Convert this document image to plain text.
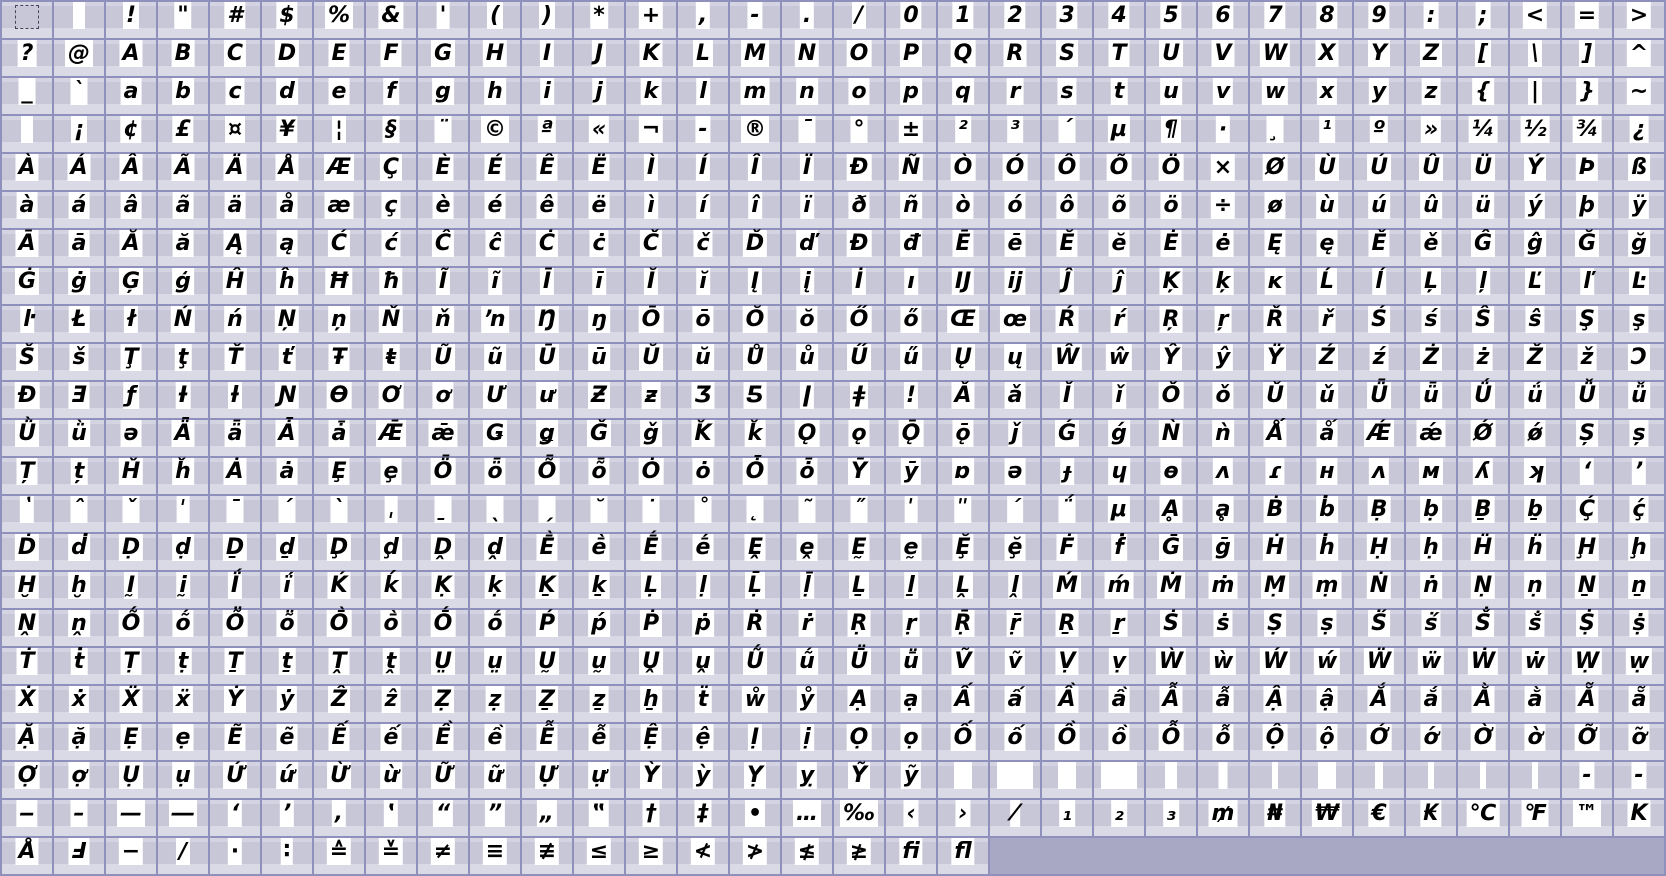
! " # $ % & ' ( ) * + , - . / 0 1 2 3 4 5 6 7 8 9 : ; < = >
? @ A B C D E F G H I J K L M N O P Q R S T U V W X Y Z [ \ ] ^
_ ` a b c d e f g h i j k l m n o p q r s t u v w x y z { | } ~
¡ ¢ £ ¤ ¥ ¦ § ¨ © ª « ¬ - ® ¯ ° ± ² ³ ´ µ ¶ · ¸ ¹ º » ¼ ½ ¾ ¿
À Á Â Ã Ä Å Æ Ç È É Ê Ë Ì Í Î Ï Ð Ñ Ò Ó Ô Õ Ö × Ø Ù Ú Û Ü Ý Þ ß
à á â ã ä å æ ç è é ê ë ì í î ï ð ñ ò ó ô õ ö ÷ ø ù ú û ü ý þ ÿ
Ā ā Ă ă Ą ą Ć ć Ĉ ĉ Ċ ċ Č č Ď ď Đ đ Ē ē Ĕ ĕ Ė ė Ę ę Ě ě Ĝ ĝ Ğ ğ
Ġ ġ Ģ ģ Ĥ ĥ Ħ ħ Ĩ ĩ Ī ī Ĭ ĭ Į į İ ı Ĳ ĳ Ĵ ĵ Ķ ķ ĸ Ĺ ĺ Ļ ļ Ľ ľ Ŀ
ŀ Ł ł Ń ń Ņ ņ Ň ň ŉ Ŋ ŋ Ō ō Ŏ ŏ Ő ő Œ œ Ŕ ŕ Ŗ ŗ Ř ř Ś ś Ŝ ŝ Ş ş
Š š Ţ ţ Ť ť Ŧ ŧ Ũ ũ Ū ū Ŭ ŭ Ů ů Ű ű Ų ų Ŵ ŵ Ŷ ŷ Ÿ Ź ź Ż ż Ž ž Ɔ
Ɖ Ǝ ƒ Ɨ ƚ Ɲ Ɵ Ơ ơ Ư ư Ƶ ƶ Ʒ Ƽ ǀ ǂ ǃ Ǎ ǎ Ǐ ǐ Ǒ ǒ Ǔ ǔ Ǖ ǖ Ǘ ǘ Ǚ ǚ
Ǜ ǜ ǝ Ǟ ǟ Ǡ ǡ Ǣ ǣ Ǥ ǥ Ǧ ǧ Ǩ ǩ Ǫ ǫ Ǭ ǭ ǰ Ǵ ǵ Ǹ ǹ Ǻ ǻ Ǽ ǽ Ǿ ǿ Ș ș
Ț ț Ȟ ȟ Ȧ ȧ Ȩ ȩ Ȫ ȫ Ȭ ȭ Ȯ ȯ Ȱ ȱ Ȳ ȳ ɒ ə ɟ ɥ ɵ ʌ ɾ ʜ ᴧ ᴍ ʎ ʞ ʻ ʼ
ʽ ˆ ˇ ˈ ˉ ˊ ˋ ˌ ˍ ˎ ˏ ˘ ˙ ˚ ˛ ˜ ˝ ʹ ʺ ΄ ΅ μ Ḁ ḁ Ḃ ḃ Ḅ ḅ Ḇ ḇ Ḉ ḉ
Ḋ ḋ Ḍ ḍ Ḏ ḏ Ḑ ḑ Ḓ ḓ Ḕ ḕ Ḗ ḗ Ḙ ḙ Ḛ ḛ Ḝ ḝ Ḟ ḟ Ḡ ḡ Ḣ ḣ Ḥ ḥ Ḧ ḧ Ḩ ḩ
Ḫ ḫ Ḭ ḭ Ḯ ḯ Ḱ ḱ Ḳ ḳ Ḵ ḵ Ḷ ḷ Ḹ ḹ Ḻ ḻ Ḽ ḽ Ḿ ḿ Ṁ ṁ Ṃ ṃ Ṅ ṅ Ṇ ṇ Ṉ ṉ
Ṋ ṋ Ṍ ṍ Ṏ ṏ Ṑ ṑ Ṓ ṓ Ṕ ṕ Ṗ ṗ Ṙ ṙ Ṛ ṛ Ṝ ṝ Ṟ ṟ Ṡ ṡ Ṣ ṣ Ṥ ṥ Ṧ ṧ Ṩ ṩ
Ṫ ṫ Ṭ ṭ Ṯ ṯ Ṱ ṱ Ṳ ṳ Ṵ ṵ Ṷ ṷ Ṹ ṹ Ṻ ṻ Ṽ ṽ Ṿ ṿ Ẁ ẁ Ẃ ẃ Ẅ ẅ Ẇ ẇ Ẉ ẉ
Ẋ ẋ Ẍ ẍ Ẏ ẏ Ẑ ẑ Ẓ ẓ Ẕ ẕ ẖ ẗ ẘ ẙ Ạ ạ Ấ ấ Ầ ầ Ẫ ẫ Ậ ậ Ắ ắ Ằ ằ Ẵ ẵ
Ặ ặ Ẹ ẹ Ẽ ẽ Ế ế Ề ề Ễ ễ Ệ ệ Ị ị Ọ ọ Ố ố Ồ ồ Ỗ ỗ Ộ ộ Ớ ớ Ờ ờ Ỡ ỡ
Ợ ợ Ụ ụ Ứ ứ Ừ ừ Ữ ữ Ự ự Ỳ ỳ Ỵ ỵ Ỹ ỹ	‐ ‑
‒ – — ― ‘ ’ ‚ ‛ “ ” „ ‟ † ‡ • … ‰ ‹ › ⁄ ₁ ₂ ₃ ₥ ₦ ₩ € ₭ ℃ ℉ ™ K
Å Ⅎ − ∕ ∙ ∶ ≙ ≚ ≠ ≡ ≢ ≤ ≥ ≮ ≯ ≰ ≱ fi fl
